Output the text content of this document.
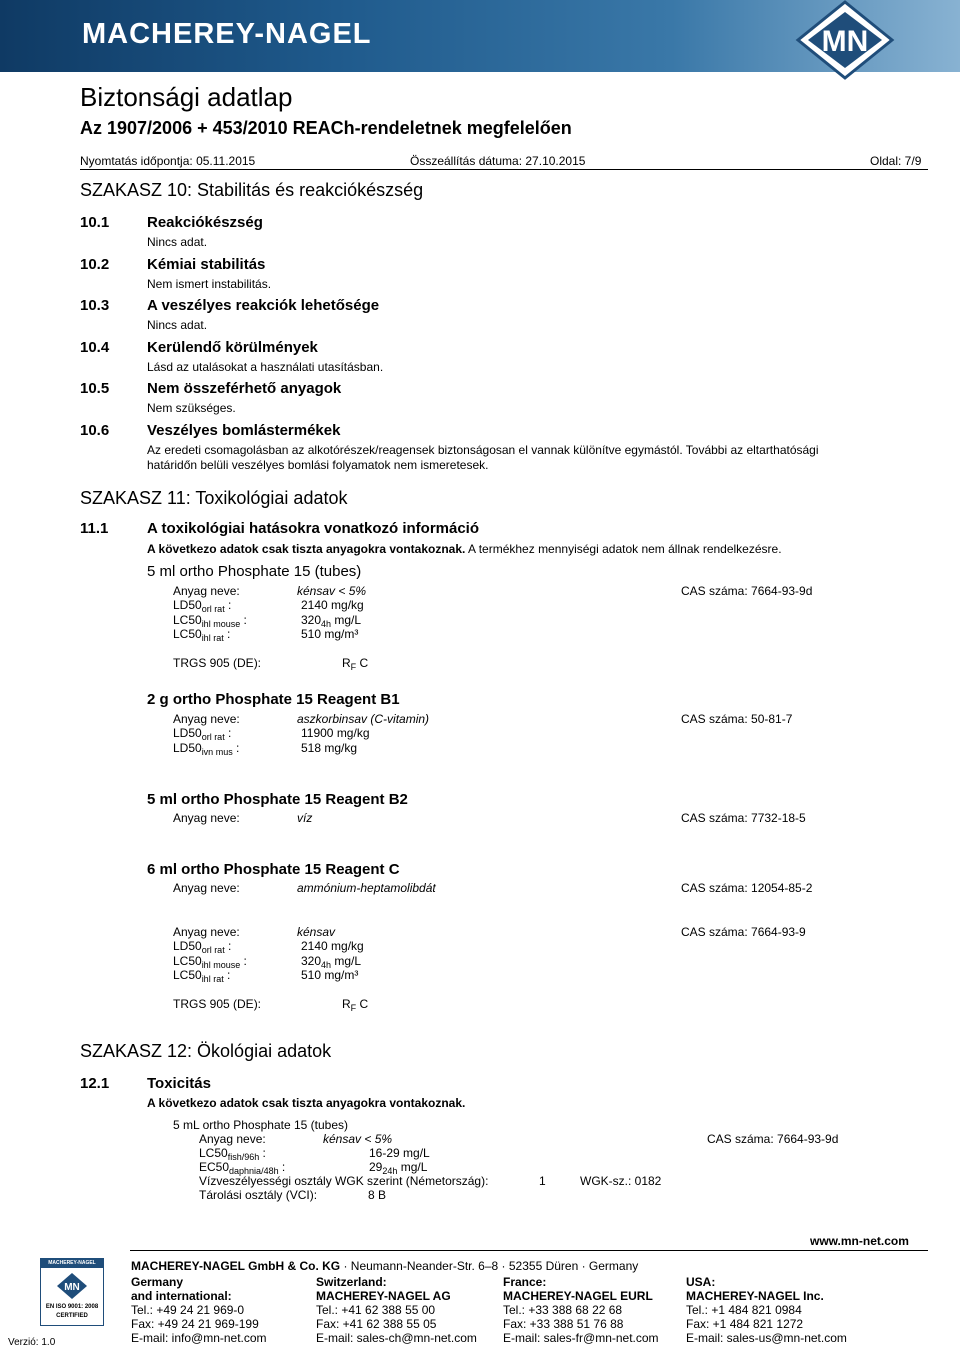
MACHEREY-NAGEL	MN
Biztonsági adatlap
Az 1907/2006 + 453/2010 REACh-rendeletnek megfelelően
Nyomtatás időpontja: 05.11.2015	Összeállítás dátuma: 27.10.2015	Oldal: 7/9
SZAKASZ 10: Stabilitás és reakciókészség
10.1	Reakciókészség
Nincs adat.
10.2	Kémiai stabilitás
Nem ismert instabilitás.
10.3	A veszélyes reakciók lehetősége
Nincs adat.
10.4	Kerülendő körülmények
Lásd az utalásokat a használati utasításban.
10.5	Nem összeférhető anyagok
Nem szükséges.
10.6	Veszélyes bomlástermékek
Az eredeti csomagolásban az alkotórészek/reagensek biztonságosan el vannak különítve egymástól. További az eltarthatósági
határidőn belüli veszélyes bomlási folyamatok nem ismeretesek.
SZAKASZ 11: Toxikológiai adatok
11.1	A toxikológiai hatásokra vonatkozó információ
A következo adatok csak tiszta anyagokra vontakoznak. A termékhez mennyiségi adatok nem állnak rendelkezésre.
5 ml ortho Phosphate 15 (tubes)
Anyag neve:	kénsav < 5%	CAS száma: 7664-93-9d
$LD50_{orl rat}$ :	2140 mg/kg
$LC50_{ihl mouse}$ :	$320_{4h}$ mg/L
$LC50_{ihl rat}$ :	510 mg/m³
TRGS 905 (DE):	$R_F$ C
2 g ortho Phosphate 15 Reagent B1
Anyag neve:	aszkorbinsav (C-vitamin)	CAS száma: 50-81-7
$LD50_{orl rat}$ :	11900 mg/kg
$LD50_{ivn mus}$ :	518 mg/kg
5 ml ortho Phosphate 15 Reagent B2
Anyag neve:	víz	CAS száma: 7732-18-5
6 ml ortho Phosphate 15 Reagent C
Anyag neve:	ammónium-heptamolibdát	CAS száma: 12054-85-2
Anyag neve:	kénsav	CAS száma: 7664-93-9
$LD50_{orl rat}$ :	2140 mg/kg
$LC50_{ihl mouse}$ :	$320_{4h}$ mg/L
$LC50_{ihl rat}$ :	510 mg/m³
TRGS 905 (DE):	$R_F$ C
SZAKASZ 12: Ökológiai adatok
12.1	Toxicitás
A következo adatok csak tiszta anyagokra vontakoznak.
5 mL ortho Phosphate 15 (tubes)
Anyag neve:	kénsav < 5%	CAS száma: 7664-93-9d
$LC50_{fish/96h}$ :	16-29 mg/L
$EC50_{daphnia/48h}$ :	$29_{24h}$ mg/L
Vízveszélyességi osztály WGK szerint (Németország):	1	WGK-sz.: 0182
Tárolási osztály (VCI):	8 B
www.mn-net.com
MACHEREY-NAGEL GmbH & Co. KG · Neumann-Neander-Str. 6–8 · 52355 Düren · Germany
Germany
and international:
Tel.: +49 24 21 969-0
Fax: +49 24 21 969-199
E-mail: info@mn-net.com
Switzerland:
MACHEREY-NAGEL AG
Tel.: +41 62 388 55 00
Fax: +41 62 388 55 05
E-mail: sales-ch@mn-net.com
France:
MACHEREY-NAGEL EURL
Tel.: +33 388 68 22 68
Fax: +33 388 51 76 88
E-mail: sales-fr@mn-net.com
USA:
MACHEREY-NAGEL Inc.
Tel.: +1 484 821 0984
Fax: +1 484 821 1272
E-mail: sales-us@mn-net.com
MACHEREY-NAGEL
MN
EN ISO 9001: 2008
CERTIFIED
Verzió: 1.0
